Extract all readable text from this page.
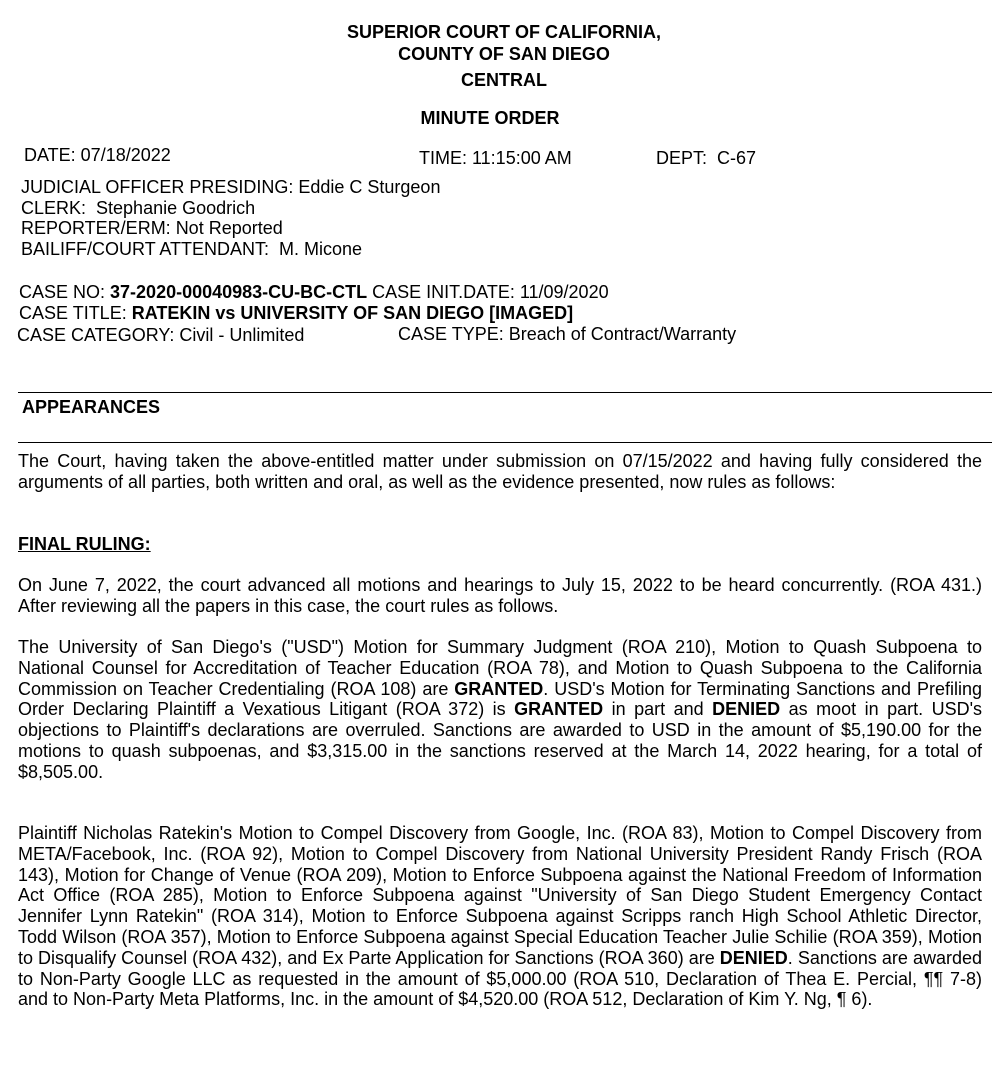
SUPERIOR COURT OF CALIFORNIA,
COUNTY OF SAN DIEGO
CENTRAL
MINUTE ORDER
DATE: 07/18/2022	TIME: 11:15:00 AM	DEPT:  C-67
JUDICIAL OFFICER PRESIDING: Eddie C Sturgeon
CLERK:  Stephanie Goodrich
REPORTER/ERM: Not Reported
BAILIFF/COURT ATTENDANT:  M. Micone
CASE NO: 37-2020-00040983-CU-BC-CTL CASE INIT.DATE: 11/09/2020
CASE TITLE: RATEKIN vs UNIVERSITY OF SAN DIEGO [IMAGED]
CASE CATEGORY: Civil - Unlimited	CASE TYPE: Breach of Contract/Warranty
APPEARANCES
The Court, having taken the above-entitled matter under submission on 07/15/2022 and having fully considered the arguments of all parties, both written and oral, as well as the evidence presented, now rules as follows:
FINAL RULING:
On June 7, 2022, the court advanced all motions and hearings to July 15, 2022 to be heard concurrently. (ROA 431.) After reviewing all the papers in this case, the court rules as follows.
The University of San Diego's ("USD") Motion for Summary Judgment (ROA 210), Motion to Quash Subpoena to National Counsel for Accreditation of Teacher Education (ROA 78), and Motion to Quash Subpoena to the California Commission on Teacher Credentialing (ROA 108) are GRANTED. USD's Motion for Terminating Sanctions and Prefiling Order Declaring Plaintiff a Vexatious Litigant (ROA 372) is GRANTED in part and DENIED as moot in part. USD's objections to Plaintiff's declarations are overruled. Sanctions are awarded to USD in the amount of $5,190.00 for the motions to quash subpoenas, and $3,315.00 in the sanctions reserved at the March 14, 2022 hearing, for a total of $8,505.00.
Plaintiff Nicholas Ratekin's Motion to Compel Discovery from Google, Inc. (ROA 83), Motion to Compel Discovery from META/Facebook, Inc. (ROA 92), Motion to Compel Discovery from National University President Randy Frisch (ROA 143), Motion for Change of Venue (ROA 209), Motion to Enforce Subpoena against the National Freedom of Information Act Office (ROA 285), Motion to Enforce Subpoena against "University of San Diego Student Emergency Contact Jennifer Lynn Ratekin" (ROA 314), Motion to Enforce Subpoena against Scripps ranch High School Athletic Director, Todd Wilson (ROA 357), Motion to Enforce Subpoena against Special Education Teacher Julie Schilie (ROA 359), Motion to Disqualify Counsel (ROA 432), and Ex Parte Application for Sanctions (ROA 360) are DENIED. Sanctions are awarded to Non-Party Google LLC as requested in the amount of $5,000.00 (ROA 510, Declaration of Thea E. Percial, ¶¶ 7-8) and to Non-Party Meta Platforms, Inc. in the amount of $4,520.00 (ROA 512, Declaration of Kim Y. Ng, ¶ 6).
